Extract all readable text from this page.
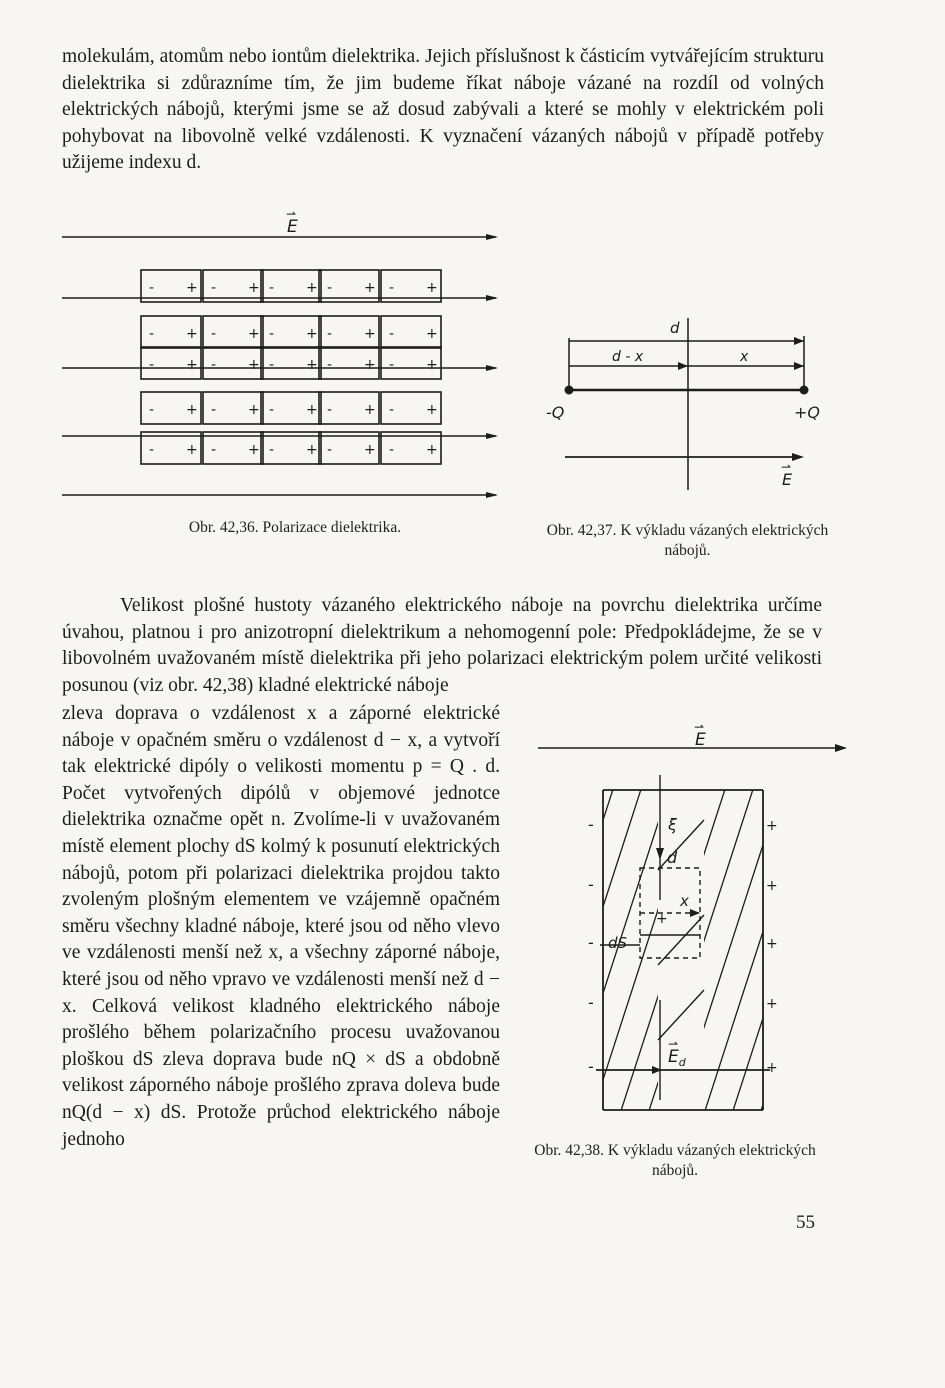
molekulám, atomům nebo iontům dielektrika. Jejich příslušnost k částicím vytvářejícím strukturu dielektrika si zdůrazníme tím, že jim budeme říkat náboje vázané na rozdíl od volných elektrických nábojů, kterými jsme se až dosud zabývali a které se mohly v elektrickém poli pohybovat na libovolně velké vzdálenosti. K vyznačení vázaných nábojů v případě potřeby užijeme indexu d.

E
⇀
- + - + - + - + - +
- + - + - + - + - +
- + - + - + - + - +
- + - + - + - + - +
- + - + - + - + - +
d
d - x	x
-Q	+Q
E
⇀

Obr. 42,36. Polarizace dielektrika.	Obr. 42,37. K výkladu vázaných elektrických nábojů.

Velikost plošné hustoty vázaného elektrického náboje na povrchu dielektrika určíme úvahou, platnou i pro anizotropní dielektrikum a nehomogenní pole: Předpokládejme, že se v libovolném uvažovaném místě dielektrika při jeho polarizaci elektrickým polem určité velikosti posunou (viz obr. 42,38) kladné elektrické náboje

zleva doprava o vzdálenost x a záporné elektrické náboje v opačném směru o vzdálenost d − x, a vytvoří tak elektrické dipóly o velikosti momentu p = Q . d. Počet vytvořených dipólů v objemové jednotce dielektrika označme opět n. Zvolíme-li v uvažovaném místě element plochy dS kolmý k posunutí elektrických nábojů, potom při polarizaci dielektrika projdou takto zvoleným plošným elementem ve vzájemně opačném směru všechny kladné náboje, které jsou od něho vlevo ve vzdálenosti menší než x, a všechny záporné náboje, které jsou od něho vpravo ve vzdálenosti menší než d − x. Celková velikost kladného elektrického náboje prošlého během polarizačního procesu uvažovanou ploškou dS zleva doprava bude nQ × dS a obdobně velikost záporného náboje prošlého zprava doleva bude nQ(d − x) dS. Protože průchod elektrického náboje jednoho

E
⇀
ξ
d
x
dS
$E_d$
⇀
+
-	+
-	+
-	+
-	+
-	+

Obr. 42,38. K výkladu vázaných elektrických nábojů.

55
